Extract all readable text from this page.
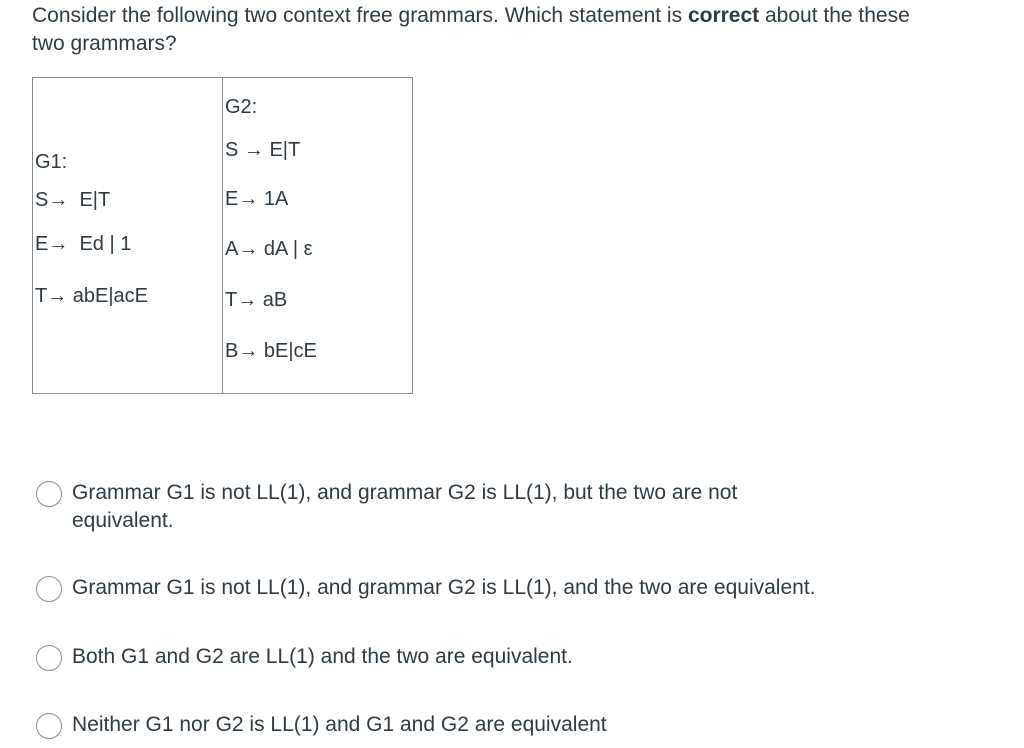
Consider the following two context free grammars. Which statement is correct about the these two grammars?
G1:
S→  E|T
E→  Ed | 1
T→ abE|acE

G2:
S → E|T
E→ 1A
A→ dA | ε
T→ aB
B→ bE|cE
Grammar G1 is not LL(1), and grammar G2 is LL(1), but the two are not
equivalent.
Grammar G1 is not LL(1), and grammar G2 is LL(1), and the two are equivalent.
Both G1 and G2 are LL(1) and the two are equivalent.
Neither G1 nor G2 is LL(1) and G1 and G2 are equivalent
